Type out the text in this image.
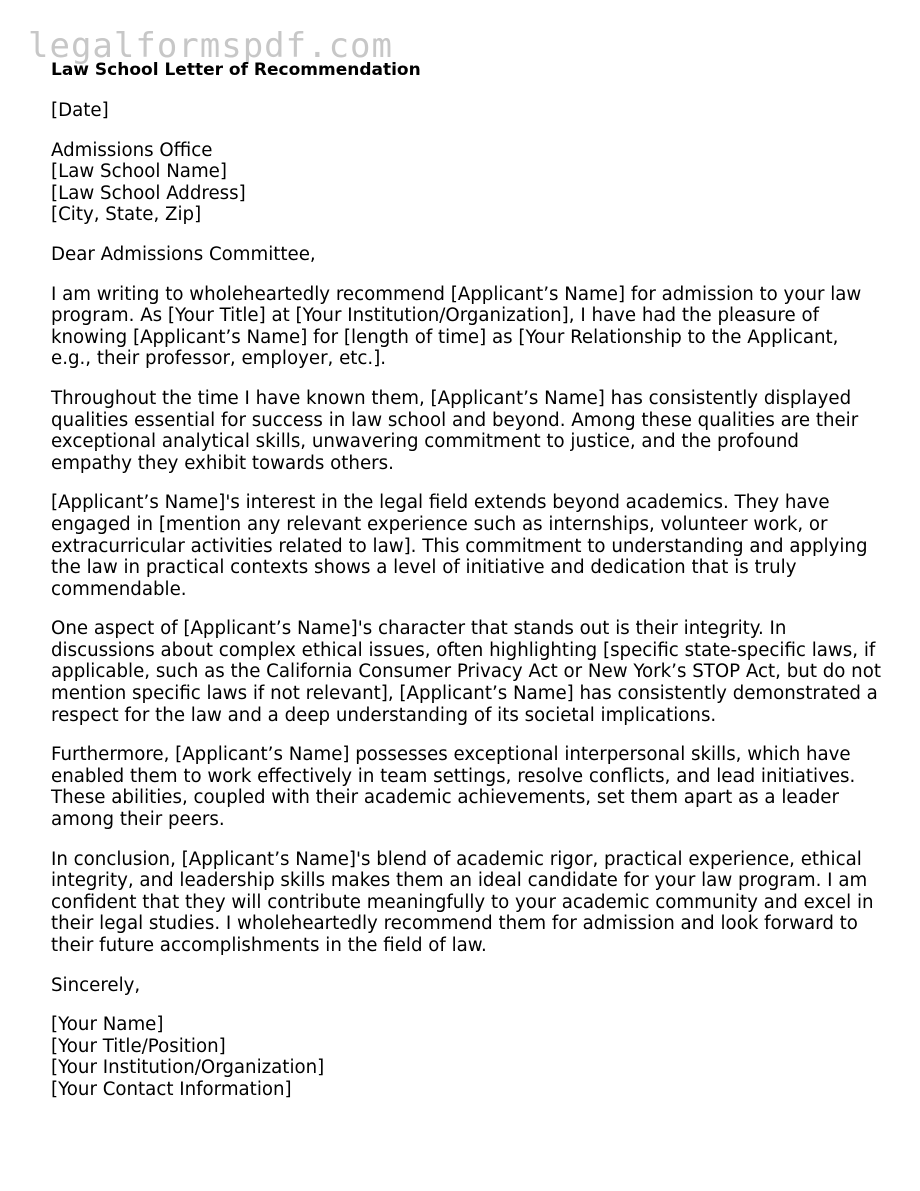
legalformspdf.com
Law School Letter of Recommendation
[Date]
Admissions Office
[Law School Name]
[Law School Address]
[City, State, Zip]
Dear Admissions Committee,

I am writing to wholeheartedly recommend [Applicant’s Name] for admission to your law program. As [Your Title] at [Your Institution/Organization], I have had the pleasure of knowing [Applicant’s Name] for [length of time] as [Your Relationship to the Applicant, e.g., their professor, employer, etc.].

Throughout the time I have known them, [Applicant’s Name] has consistently displayed qualities essential for success in law school and beyond. Among these qualities are their exceptional analytical skills, unwavering commitment to justice, and the profound empathy they exhibit towards others.

[Applicant’s Name]'s interest in the legal field extends beyond academics. They have engaged in [mention any relevant experience such as internships, volunteer work, or extracurricular activities related to law]. This commitment to understanding and applying the law in practical contexts shows a level of initiative and dedication that is truly commendable.

One aspect of [Applicant’s Name]'s character that stands out is their integrity. In discussions about complex ethical issues, often highlighting [specific state-specific laws, if applicable, such as the California Consumer Privacy Act or New York’s STOP Act, but do not mention specific laws if not relevant], [Applicant’s Name] has consistently demonstrated a respect for the law and a deep understanding of its societal implications.

Furthermore, [Applicant’s Name] possesses exceptional interpersonal skills, which have enabled them to work effectively in team settings, resolve conflicts, and lead initiatives. These abilities, coupled with their academic achievements, set them apart as a leader among their peers.

In conclusion, [Applicant’s Name]'s blend of academic rigor, practical experience, ethical integrity, and leadership skills makes them an ideal candidate for your law program. I am confident that they will contribute meaningfully to your academic community and excel in their legal studies. I wholeheartedly recommend them for admission and look forward to their future accomplishments in the field of law.

Sincerely,
[Your Name]
[Your Title/Position]
[Your Institution/Organization]
[Your Contact Information]
